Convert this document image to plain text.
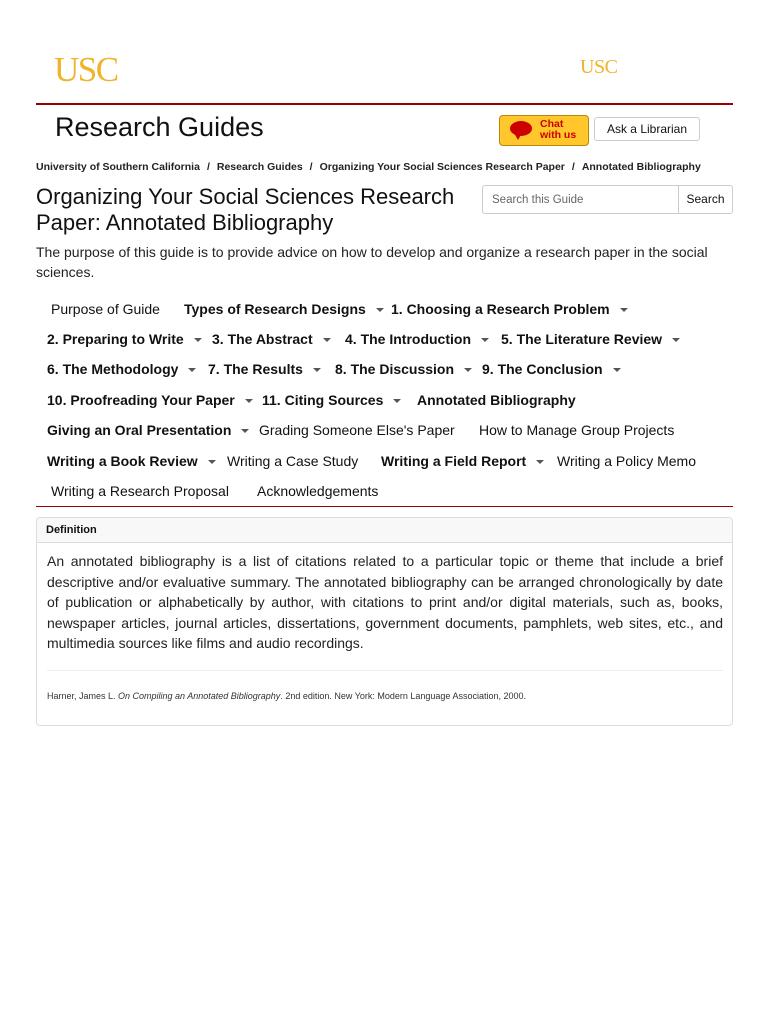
USC	USC
Research Guides	Chat
with us	Ask a Librarian
University of Southern California / Research Guides / Organizing Your Social Sciences Research Paper / Annotated Bibliography
Organizing Your Social Sciences Research Paper: Annotated Bibliography
Search this Guide
Search
The purpose of this guide is to provide advice on how to develop and organize a research paper in the social sciences.
Purpose of Guide Types of Research Designs	1. Choosing a Research Problem
2. Preparing to Write	3. The Abstract	4. The Introduction	5. The Literature Review
6. The Methodology	7. The Results	8. The Discussion	9. The Conclusion
10. Proofreading Your Paper	11. Citing Sources	Annotated Bibliography
Giving an Oral Presentation	Grading Someone Else's Paper How to Manage Group Projects
Writing a Book Review	Writing a Case Study Writing a Field Report	Writing a Policy Memo
Writing a Research Proposal Acknowledgements
Definition
An annotated bibliography is a list of citations related to a particular topic or theme that include a brief descriptive and/or evaluative summary. The annotated bibliography can be arranged chronologically by date of publication or alphabetically by author, with citations to print and/or digital materials, such as, books, newspaper articles, journal articles, dissertations, government documents, pamphlets, web sites, etc., and multimedia sources like films and audio recordings.
Harner, James L. On Compiling an Annotated Bibliography. 2nd edition. New York: Modern Language Association, 2000.
